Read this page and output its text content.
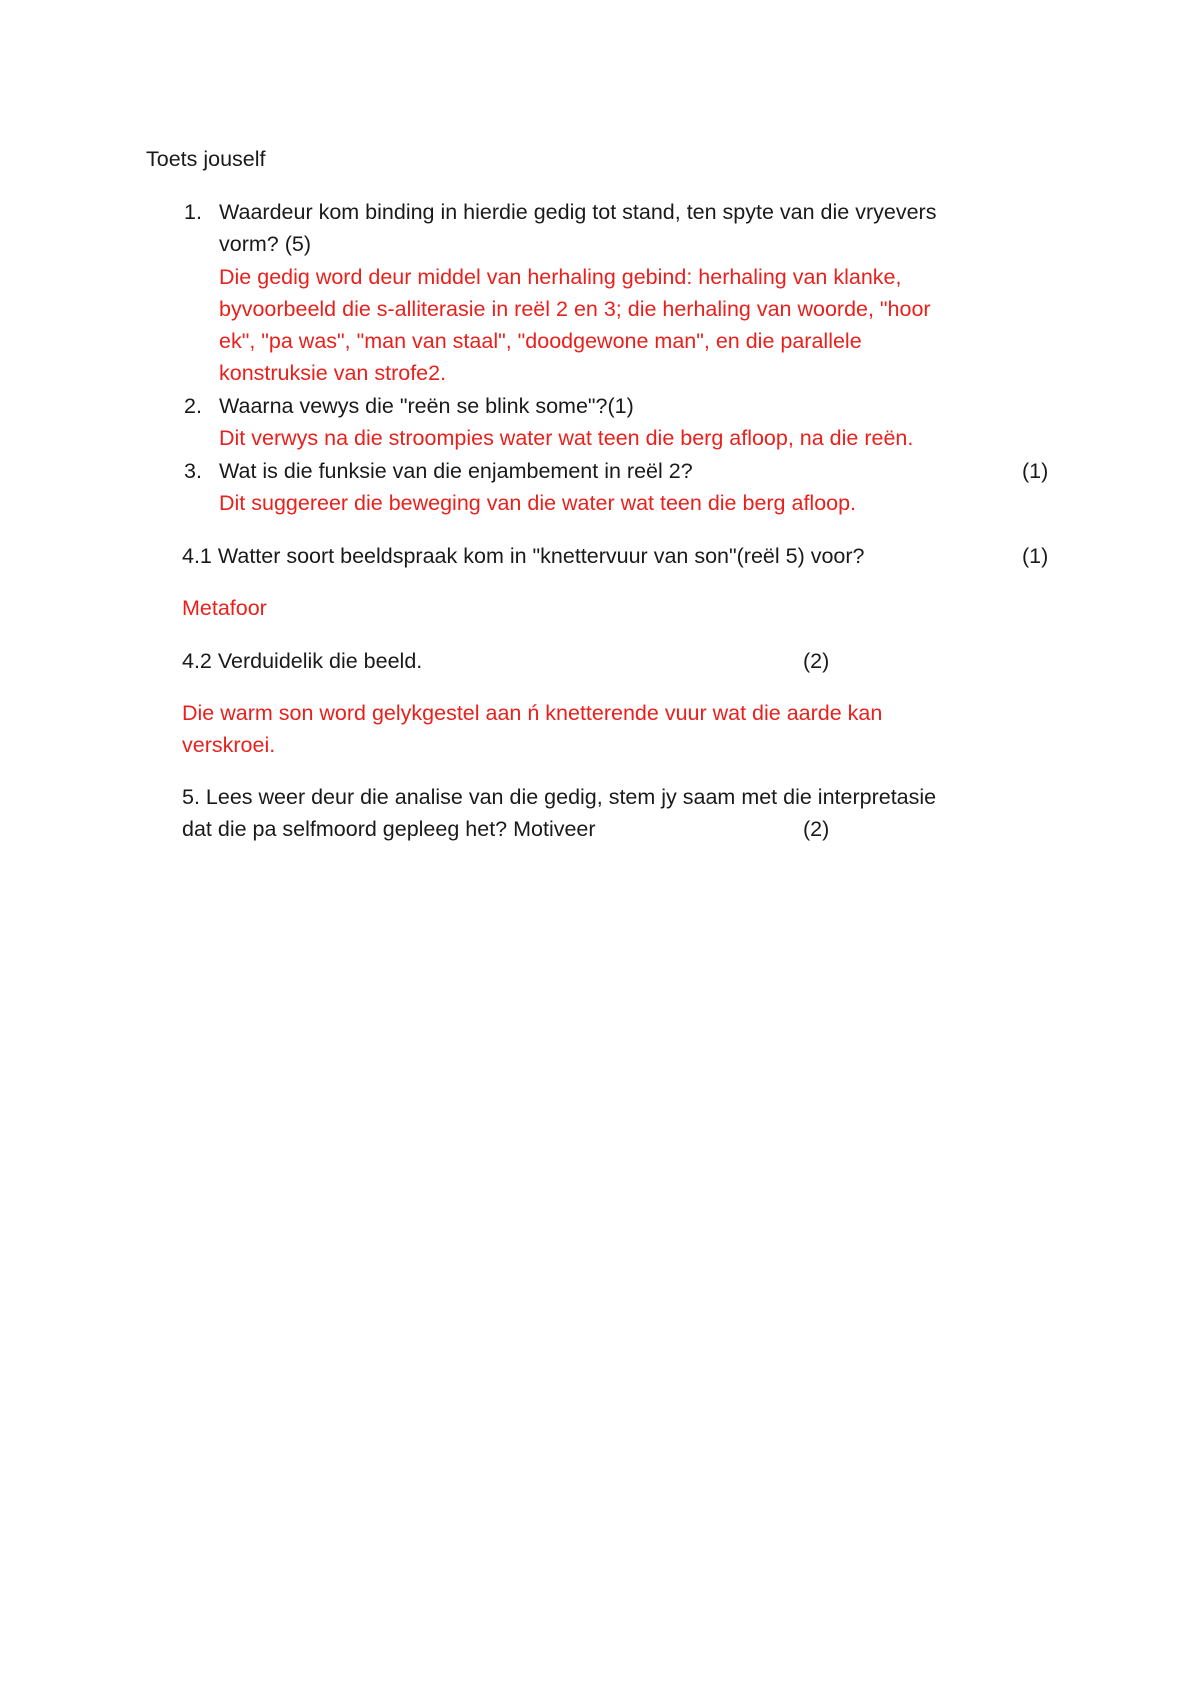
Toets jouself
1. Waardeur kom binding in hierdie gedig tot stand, ten spyte van die vryevers
vorm? (5)
Die gedig word deur middel van herhaling gebind: herhaling van klanke,
byvoorbeeld die s-alliterasie in reël 2 en 3; die herhaling van woorde, "hoor
ek", "pa was", "man van staal", "doodgewone man", en die parallele
konstruksie van strofe2.
2. Waarna vewys die "reën se blink some"?(1)
Dit verwys na die stroompies water wat teen die berg afloop, na die reën.
3. Wat is die funksie van die enjambement in reël 2?	(1)
Dit suggereer die beweging van die water wat teen die berg afloop.
4.1 Watter soort beeldspraak kom in "knettervuur van son"(reël 5) voor?	(1)
Metafoor
4.2 Verduidelik die beeld.	(2)
Die warm son word gelykgestel aan ń knetterende vuur wat die aarde kan
verskroei.
5. Lees weer deur die analise van die gedig, stem jy saam met die interpretasie
dat die pa selfmoord gepleeg het? Motiveer	(2)
